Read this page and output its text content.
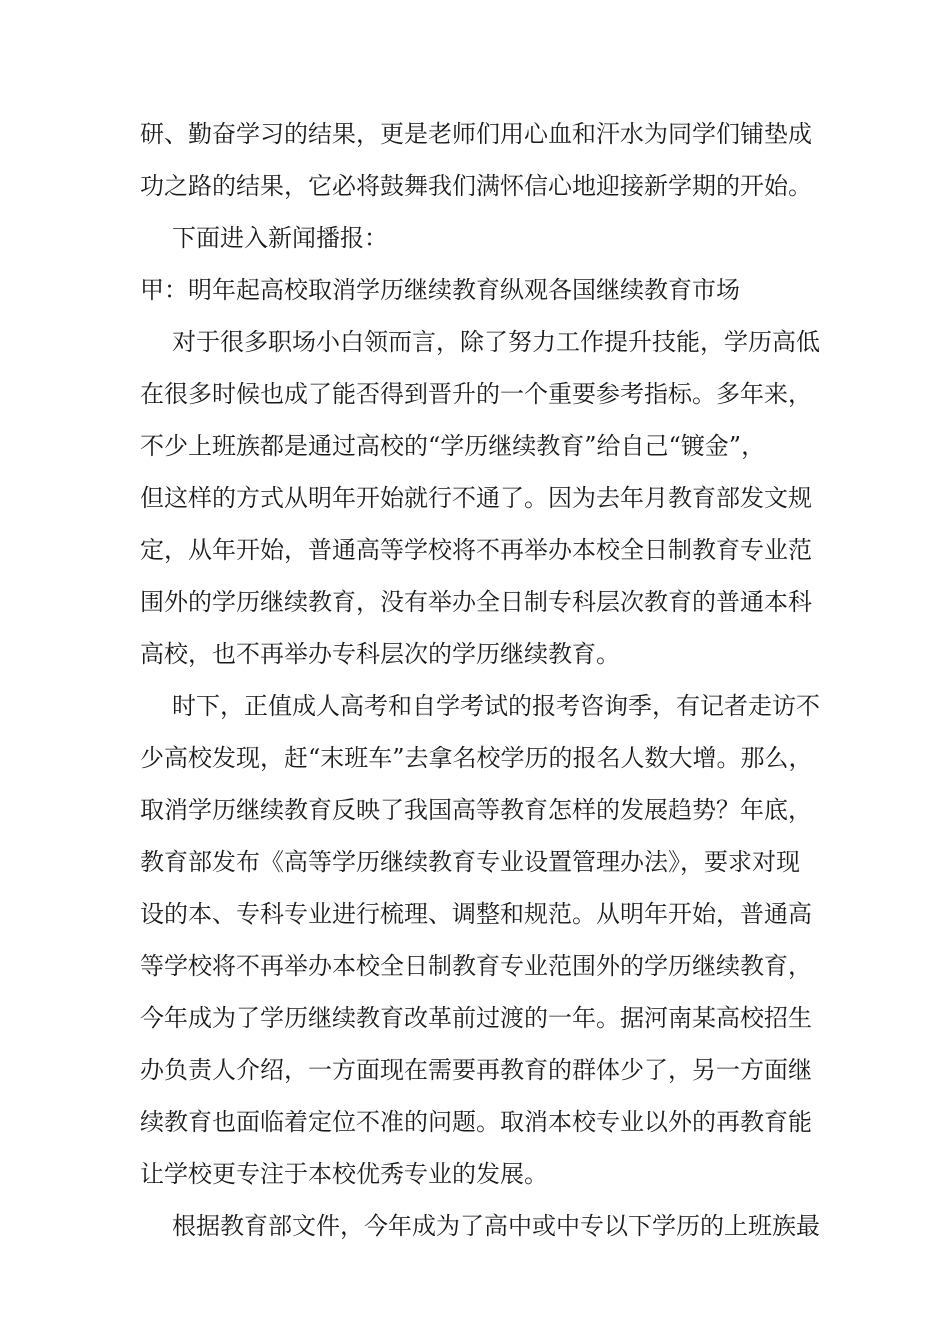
研、勤奋学习的结果，更是老师们用心血和汗水为同学们铺垫成
功之路的结果，它必将鼓舞我们满怀信心地迎接新学期的开始。
下面进入新闻播报：
甲：明年起高校取消学历继续教育纵观各国继续教育市场
对于很多职场小白领而言，除了努力工作提升技能，学历高低
在很多时候也成了能否得到晋升的一个重要参考指标。多年来，
不少上班族都是通过高校的“学历继续教育”给自己“镀金”，
但这样的方式从明年开始就行不通了。因为去年月教育部发文规
定，从年开始，普通高等学校将不再举办本校全日制教育专业范
围外的学历继续教育，没有举办全日制专科层次教育的普通本科
高校，也不再举办专科层次的学历继续教育。
时下，正值成人高考和自学考试的报考咨询季，有记者走访不
少高校发现，赶“末班车”去拿名校学历的报名人数大增。那么，
取消学历继续教育反映了我国高等教育怎样的发展趋势？年底，
教育部发布《高等学历继续教育专业设置管理办法》，要求对现
设的本、专科专业进行梳理、调整和规范。从明年开始，普通高
等学校将不再举办本校全日制教育专业范围外的学历继续教育，
今年成为了学历继续教育改革前过渡的一年。据河南某高校招生
办负责人介绍，一方面现在需要再教育的群体少了，另一方面继
续教育也面临着定位不准的问题。取消本校专业以外的再教育能
让学校更专注于本校优秀专业的发展。
根据教育部文件，今年成为了高中或中专以下学历的上班族最
